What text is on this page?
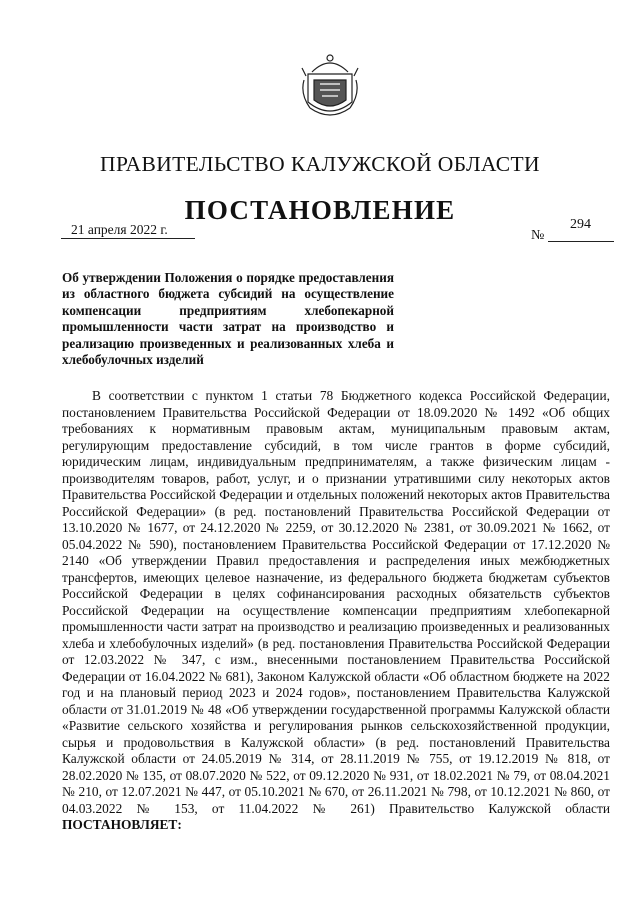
ПРАВИТЕЛЬСТВО КАЛУЖСКОЙ ОБЛАСТИ
ПОСТАНОВЛЕНИЕ
21 апреля 2022 г.	№
294
Об утверждении Положения о порядке предоставления из областного бюджета субсидий на осуществление компенсации предприятиям хлебопекарной промышленности части затрат на производство и реализацию произведенных и реализованных хлеба и хлебобулочных изделий
В соответствии с пунктом 1 статьи 78 Бюджетного кодекса Российской Федерации, постановлением Правительства Российской Федерации от 18.09.2020 № 1492 «Об общих требованиях к нормативным правовым актам, муниципальным правовым актам, регулирующим предоставление субсидий, в том числе грантов в форме субсидий, юридическим лицам, индивидуальным предпринимателям, а также физическим лицам - производителям товаров, работ, услуг, и о признании утратившими силу некоторых актов Правительства Российской Федерации и отдельных положений некоторых актов Правительства Российской Федерации» (в ред. постановлений Правительства Российской Федерации от 13.10.2020 № 1677, от 24.12.2020 № 2259, от 30.12.2020 № 2381, от 30.09.2021 № 1662, от 05.04.2022 № 590), постановлением Правительства Российской Федерации от 17.12.2020 № 2140 «Об утверждении Правил предоставления и распределения иных межбюджетных трансфертов, имеющих целевое назначение, из федерального бюджета бюджетам субъектов Российской Федерации в целях софинансирования расходных обязательств субъектов Российской Федерации на осуществление компенсации предприятиям хлебопекарной промышленности части затрат на производство и реализацию произведенных и реализованных хлеба и хлебобулочных изделий» (в ред. постановления Правительства Российской Федерации от 12.03.2022 № 347, с изм., внесенными постановлением Правительства Российской Федерации от 16.04.2022 № 681), Законом Калужской области «Об областном бюджете на 2022 год и на плановый период 2023 и 2024 годов», постановлением Правительства Калужской области от 31.01.2019 № 48 «Об утверждении государственной программы Калужской области «Развитие сельского хозяйства и регулирования рынков сельскохозяйственной продукции, сырья и продовольствия в Калужской области» (в ред. постановлений Правительства Калужской области от 24.05.2019 № 314, от 28.11.2019 № 755, от 19.12.2019 № 818, от 28.02.2020 № 135, от 08.07.2020 № 522, от 09.12.2020 № 931, от 18.02.2021 № 79, от 08.04.2021 № 210, от 12.07.2021 № 447, от 05.10.2021 № 670, от 26.11.2021 № 798, от 10.12.2021 № 860, от 04.03.2022 № 153, от 11.04.2022 № 261) Правительство Калужской области ПОСТАНОВЛЯЕТ:
